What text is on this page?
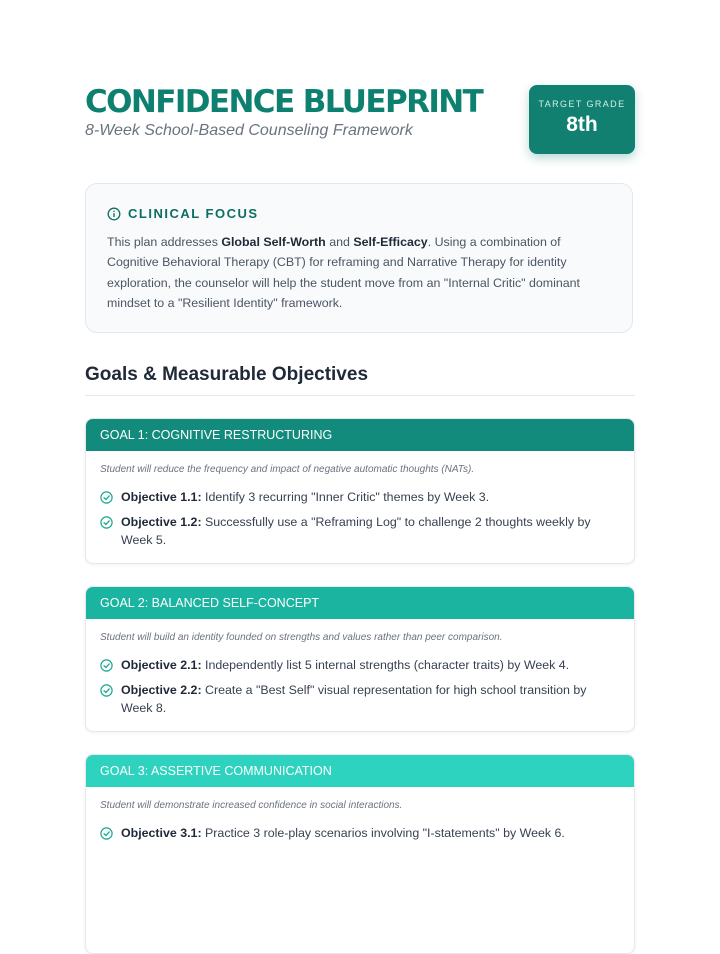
CONFIDENCE BLUEPRINT
8-Week School-Based Counseling Framework
TARGET GRADE
8th
CLINICAL FOCUS

This plan addresses Global Self-Worth and Self-Efficacy. Using a combination of Cognitive Behavioral Therapy (CBT) for reframing and Narrative Therapy for identity exploration, the counselor will help the student move from an "Internal Critic" dominant mindset to a "Resilient Identity" framework.

Goals & Measurable Objectives
GOAL 1: COGNITIVE RESTRUCTURING
Student will reduce the frequency and impact of negative automatic thoughts (NATs).
Objective 1.1: Identify 3 recurring "Inner Critic" themes by Week 3.
Objective 1.2: Successfully use a "Reframing Log" to challenge 2 thoughts weekly by Week 5.
GOAL 2: BALANCED SELF-CONCEPT
Student will build an identity founded on strengths and values rather than peer comparison.
Objective 2.1: Independently list 5 internal strengths (character traits) by Week 4.
Objective 2.2: Create a "Best Self" visual representation for high school transition by Week 8.
GOAL 3: ASSERTIVE COMMUNICATION
Student will demonstrate increased confidence in social interactions.
Objective 3.1: Practice 3 role-play scenarios involving "I-statements" by Week 6.
